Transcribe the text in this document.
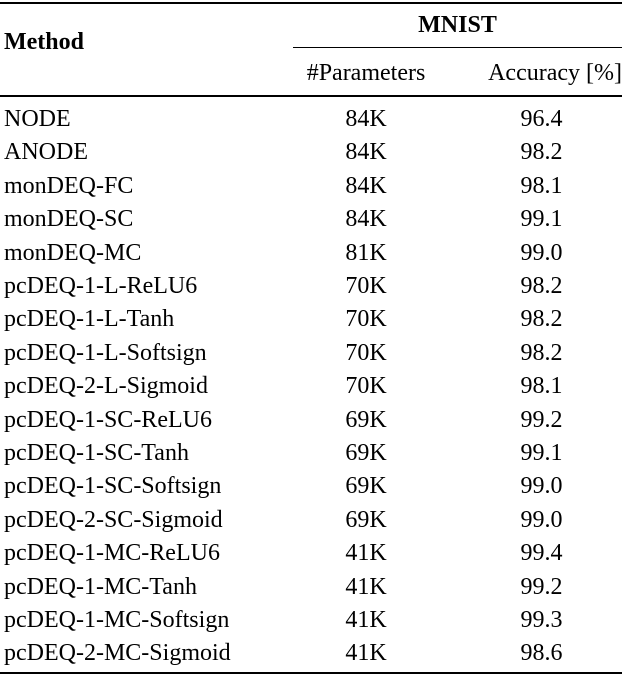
Method
MNIST
#Parameters	Accuracy [%]
NODE	84K	96.4
ANODE	84K	98.2
monDEQ-FC	84K	98.1
monDEQ-SC	84K	99.1
monDEQ-MC	81K	99.0
pcDEQ-1-L-ReLU6	70K	98.2
pcDEQ-1-L-Tanh	70K	98.2
pcDEQ-1-L-Softsign	70K	98.2
pcDEQ-2-L-Sigmoid	70K	98.1
pcDEQ-1-SC-ReLU6	69K	99.2
pcDEQ-1-SC-Tanh	69K	99.1
pcDEQ-1-SC-Softsign	69K	99.0
pcDEQ-2-SC-Sigmoid	69K	99.0
pcDEQ-1-MC-ReLU6	41K	99.4
pcDEQ-1-MC-Tanh	41K	99.2
pcDEQ-1-MC-Softsign	41K	99.3
pcDEQ-2-MC-Sigmoid	41K	98.6
